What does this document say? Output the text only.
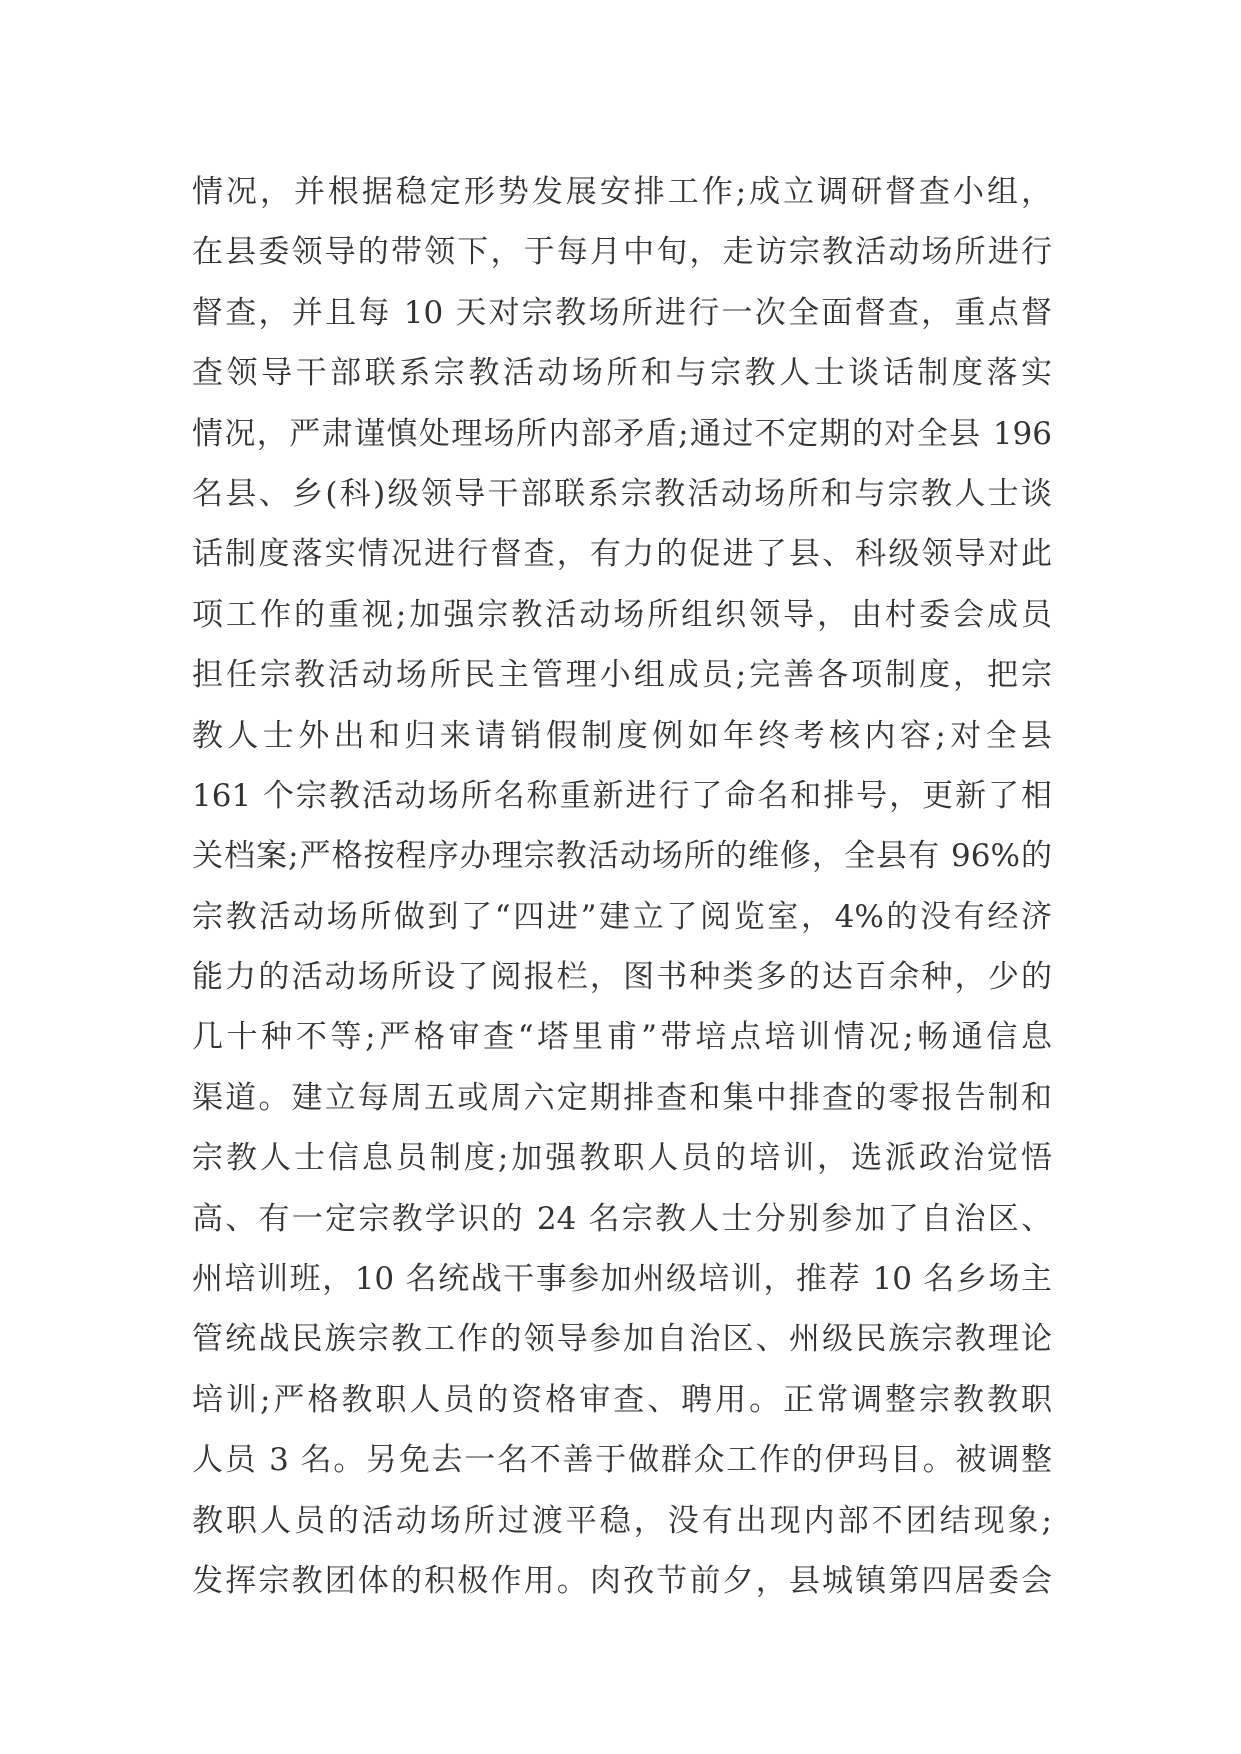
情况，并根据稳定形势发展安排工作;成立调研督查小组，
在县委领导的带领下，于每月中旬，走访宗教活动场所进行
督查，并且每 10 天对宗教场所进行一次全面督查，重点督
查领导干部联系宗教活动场所和与宗教人士谈话制度落实
情况，严肃谨慎处理场所内部矛盾;通过不定期的对全县 196
名县、乡(科)级领导干部联系宗教活动场所和与宗教人士谈
话制度落实情况进行督查，有力的促进了县、科级领导对此
项工作的重视;加强宗教活动场所组织领导，由村委会成员
担任宗教活动场所民主管理小组成员;完善各项制度，把宗
教人士外出和归来请销假制度例如年终考核内容;对全县
161 个宗教活动场所名称重新进行了命名和排号，更新了相
关档案;严格按程序办理宗教活动场所的维修，全县有 96%的
宗教活动场所做到了“四进”建立了阅览室，4%的没有经济
能力的活动场所设了阅报栏，图书种类多的达百余种，少的
几十种不等;严格审查“塔里甫”带培点培训情况;畅通信息
渠道。建立每周五或周六定期排查和集中排查的零报告制和
宗教人士信息员制度;加强教职人员的培训，选派政治觉悟
高、有一定宗教学识的 24 名宗教人士分别参加了自治区、
州培训班，10 名统战干事参加州级培训，推荐 10 名乡场主
管统战民族宗教工作的领导参加自治区、州级民族宗教理论
培训;严格教职人员的资格审查、聘用。正常调整宗教教职
人员 3 名。另免去一名不善于做群众工作的伊玛目。被调整
教职人员的活动场所过渡平稳，没有出现内部不团结现象;
发挥宗教团体的积极作用。肉孜节前夕，县城镇第四居委会
